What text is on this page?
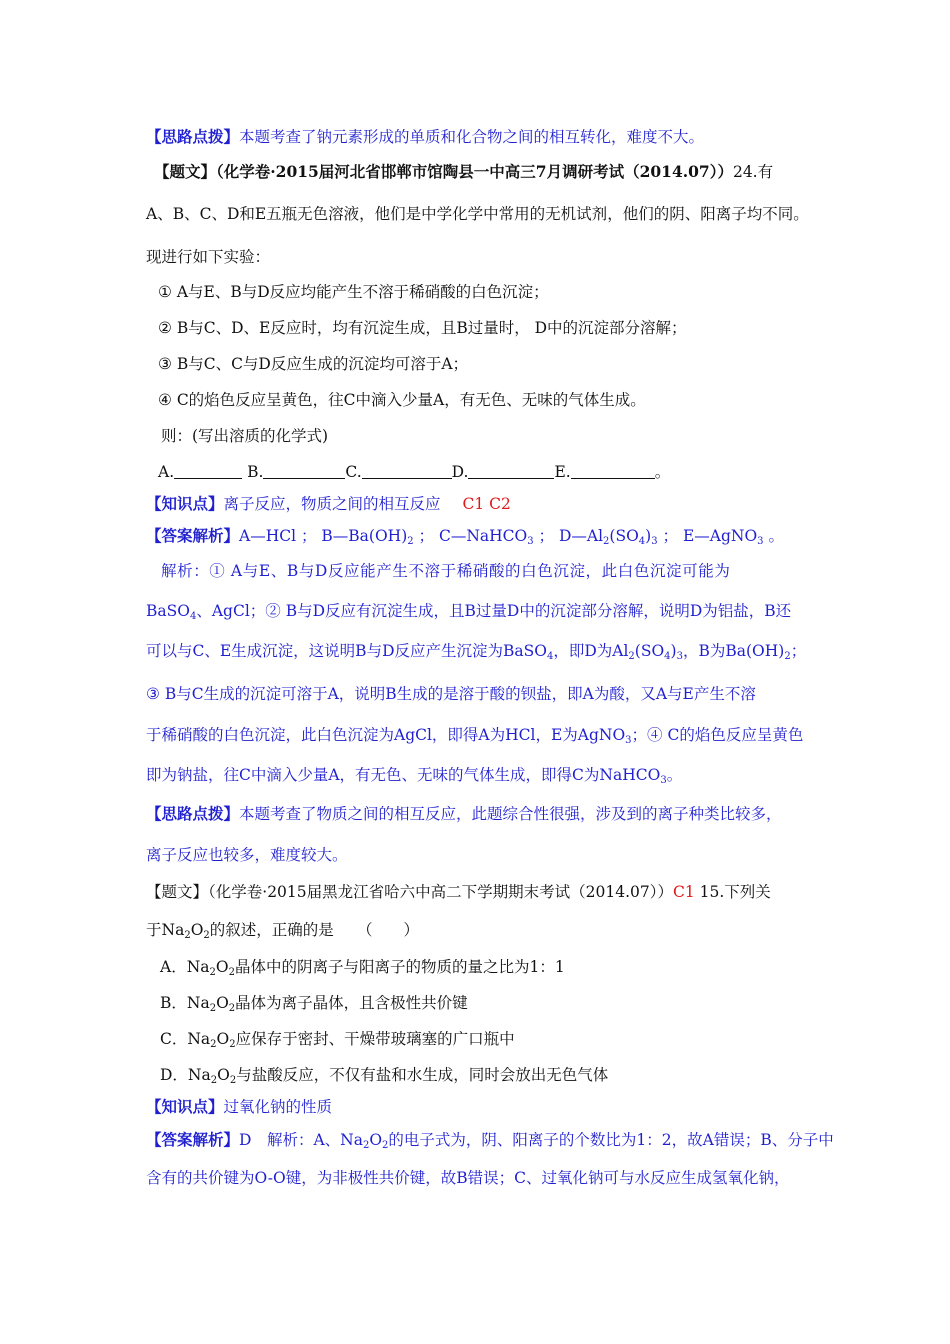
【思路点拨】本题考查了钠元素形成的单质和化合物之间的相互转化，难度不大。
【题文】（化学卷·2015届河北省邯郸市馆陶县一中高三7月调研考试（2014.07））24.有
A、B、C、D和E五瓶无色溶液，他们是中学化学中常用的无机试剂，他们的阴、阳离子均不同。
现进行如下实验：
① A与E、B与D反应均能产生不溶于稀硝酸的白色沉淀；
② B与C、D、E反应时，均有沉淀生成，且B过量时， D中的沉淀部分溶解；
③ B与C、C与D反应生成的沉淀均可溶于A；
④ C的焰色反应呈黄色，往C中滴入少量A，有无色、无味的气体生成。
则：(写出溶质的化学式)
A.	B.	C.	D.	E.	。
【知识点】离子反应，物质之间的相互反应 C1 C2
【答案解析】A—HCl ； $B—Ba(OH)_2$ ； C—NaHCO$_3$ ； $D—Al_2(SO_4)_3$ ； E—AgNO$_3$ 。
解析：① A与E、B与D反应能产生不溶于稀硝酸的白色沉淀，此白色沉淀可能为
BaSO$_4$、AgCl；② B与D反应有沉淀生成，且B过量D中的沉淀部分溶解，说明D为铝盐，B还
可以与C、E生成沉淀，这说明B与D反应产生沉淀为BaSO$_4$，即D为$Al_2(SO_4)_3$，B为$Ba(OH)_2$；
③ B与C生成的沉淀可溶于A，说明B生成的是溶于酸的钡盐，即A为酸，又A与E产生不溶
于稀硝酸的白色沉淀，此白色沉淀为AgCl，即得A为HCl，E为AgNO$_3$；④ C的焰色反应呈黄色
即为钠盐，往C中滴入少量A，有无色、无味的气体生成，即得C为NaHCO$_3$。
【思路点拨】本题考查了物质之间的相互反应，此题综合性很强，涉及到的离子种类比较多，
离子反应也较多，难度较大。
【题文】（化学卷·2015届黑龙江省哈六中高二下学期期末考试（2014.07））C1 15.下列关
于$Na_2O_2$的叙述，正确的是　　（　　）
A．$Na_2O_2$晶体中的阴离子与阳离子的物质的量之比为1：1
B．$Na_2O_2$晶体为离子晶体，且含极性共价键
C．$Na_2O_2$应保存于密封、干燥带玻璃塞的广口瓶中
D．$Na_2O_2$与盐酸反应，不仅有盐和水生成，同时会放出无色气体
【知识点】过氧化钠的性质
【答案解析】D　解析：A、$Na_2O_2$的电子式为，阴、阳离子的个数比为1：2，故A错误；B、分子中
含有的共价键为O-O键，为非极性共价键，故B错误；C、过氧化钠可与水反应生成氢氧化钠，
